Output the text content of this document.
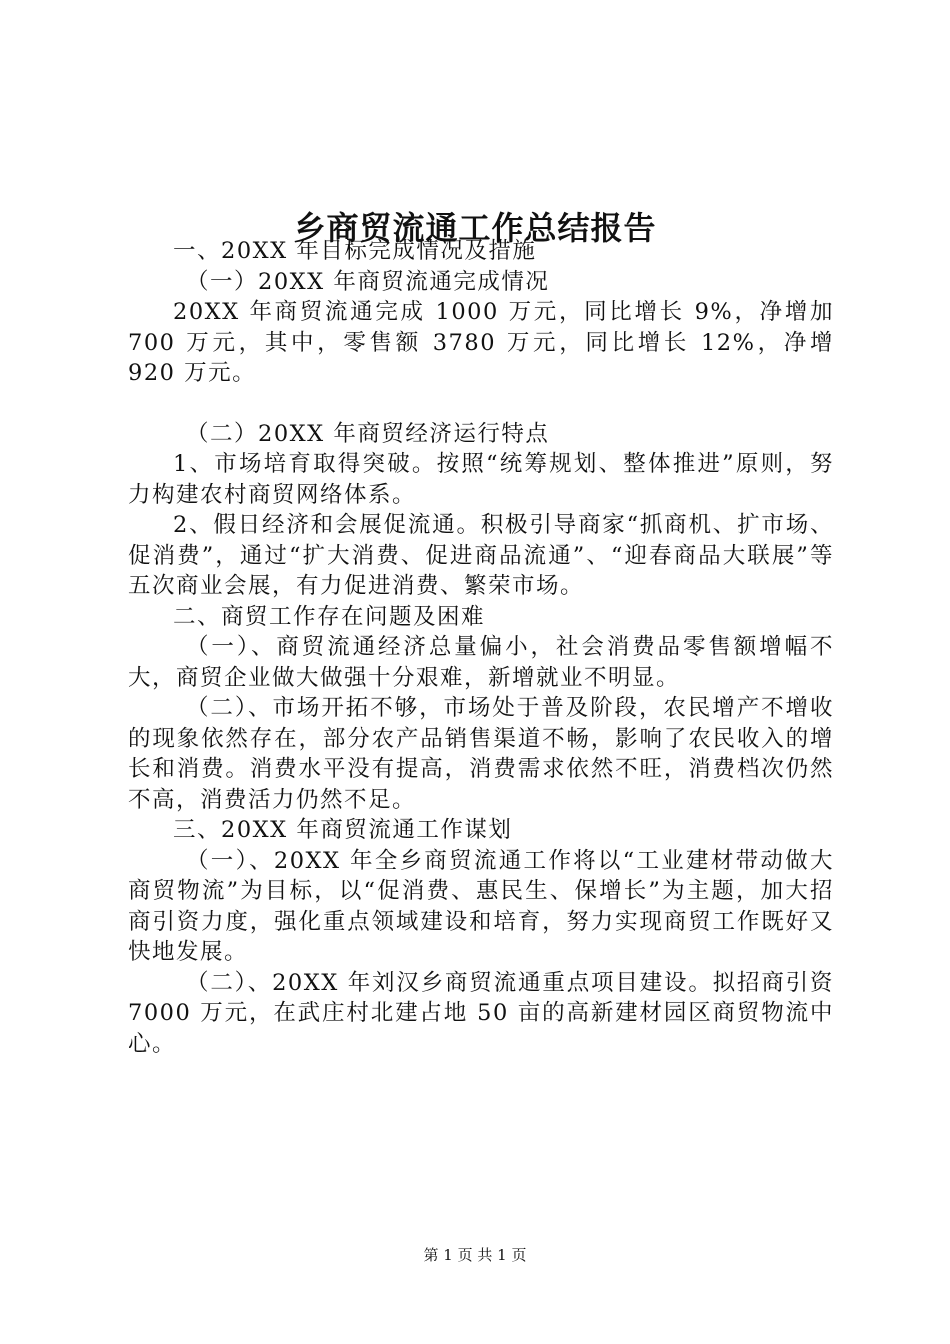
乡商贸流通工作总结报告

一、20XX 年目标完成情况及措施

（一）20XX 年商贸流通完成情况

20XX 年商贸流通完成 1000 万元，同比增长 9%，净增加 700 万元，其中，零售额 3780 万元，同比增长 12%，净增 920 万元。

（二）20XX 年商贸经济运行特点

1、市场培育取得突破。按照“统筹规划、整体推进”原则，努力构建农村商贸网络体系。

2、假日经济和会展促流通。积极引导商家“抓商机、扩市场、促消费”，通过“扩大消费、促进商品流通”、“迎春商品大联展”等五次商业会展，有力促进消费、繁荣市场。

二、商贸工作存在问题及困难

（一）、商贸流通经济总量偏小，社会消费品零售额增幅不大，商贸企业做大做强十分艰难，新增就业不明显。

（二）、市场开拓不够，市场处于普及阶段，农民增产不增收的现象依然存在，部分农产品销售渠道不畅，影响了农民收入的增长和消费。消费水平没有提高，消费需求依然不旺，消费档次仍然不高，消费活力仍然不足。

三、20XX 年商贸流通工作谋划

（一）、20XX 年全乡商贸流通工作将以“工业建材带动做大商贸物流”为目标，以“促消费、惠民生、保增长”为主题，加大招商引资力度，强化重点领域建设和培育，努力实现商贸工作既好又快地发展。

（二）、20XX 年刘汉乡商贸流通重点项目建设。拟招商引资 7000 万元，在武庄村北建占地 50 亩的高新建材园区商贸物流中心。

第 1 页 共 1 页
